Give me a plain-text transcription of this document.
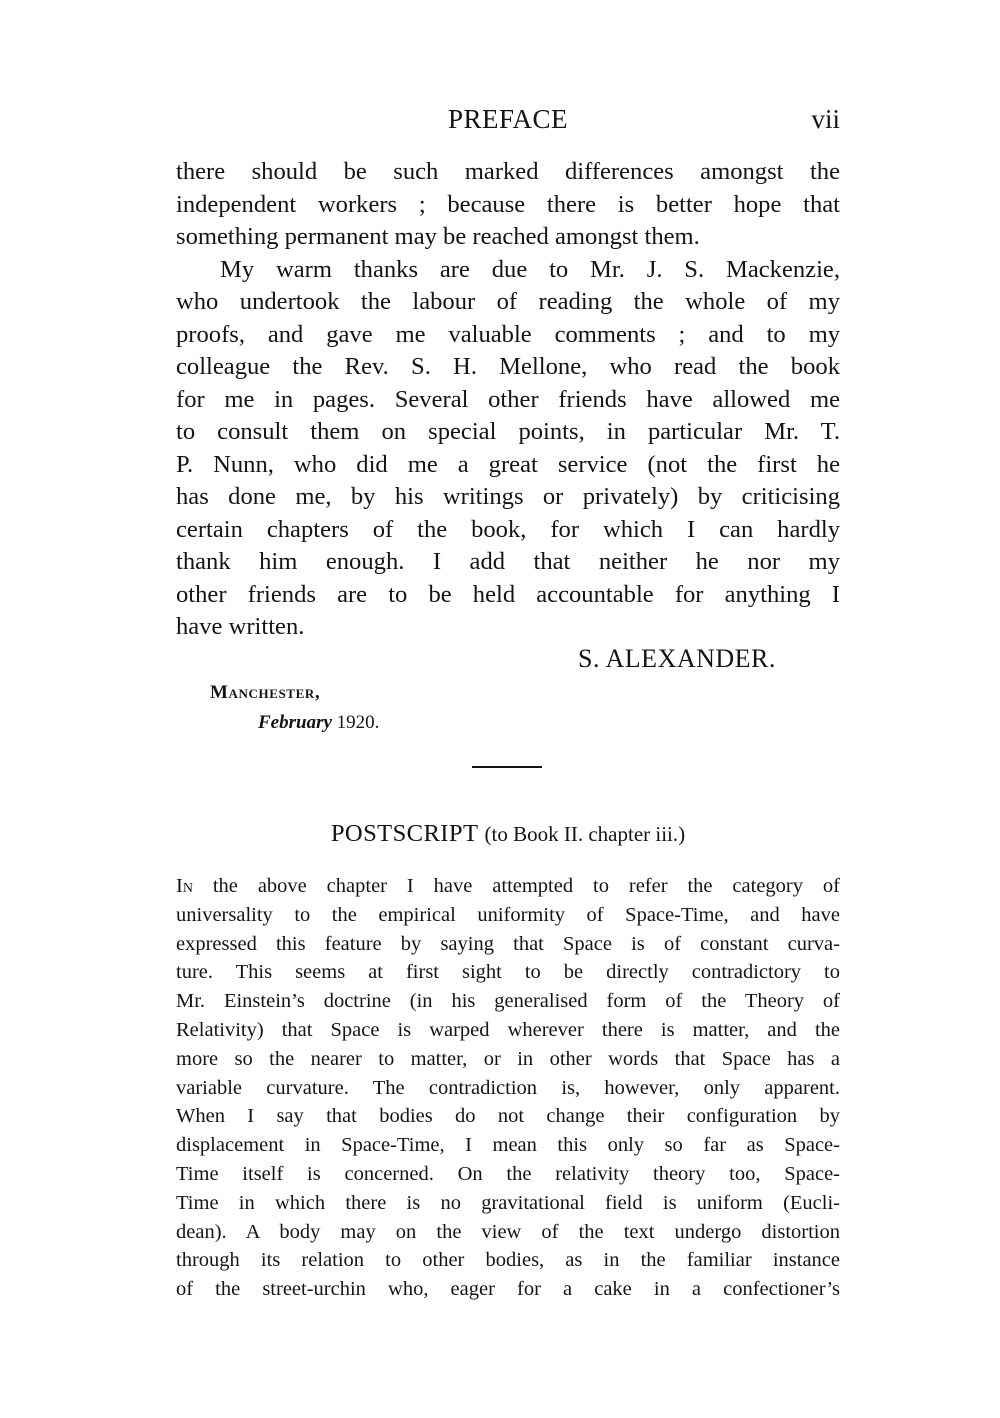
PREFACE	vii
there should be such marked differences amongst the
independent workers ; because there is better hope that
something permanent may be reached amongst them.
My warm thanks are due to Mr. J. S. Mackenzie,
who undertook the labour of reading the whole of my
proofs, and gave me valuable comments ; and to my
colleague the Rev. S. H. Mellone, who read the book
for me in pages. Several other friends have allowed me
to consult them on special points, in particular Mr. T.
P. Nunn, who did me a great service (not the first he
has done me, by his writings or privately) by criticising
certain chapters of the book, for which I can hardly
thank him enough. I add that neither he nor my
other friends are to be held accountable for anything I
have written.
S. ALEXANDER.
Manchester,
February 1920.
POSTSCRIPT (to Book II. chapter iii.)
In the above chapter I have attempted to refer the category of
universality to the empirical uniformity of Space-Time, and have
expressed this feature by saying that Space is of constant curva-
ture. This seems at first sight to be directly contradictory to
Mr. Einstein’s doctrine (in his generalised form of the Theory of
Relativity) that Space is warped wherever there is matter, and the
more so the nearer to matter, or in other words that Space has a
variable curvature. The contradiction is, however, only apparent.
When I say that bodies do not change their configuration by
displacement in Space-Time, I mean this only so far as Space-
Time itself is concerned. On the relativity theory too, Space-
Time in which there is no gravitational field is uniform (Eucli-
dean). A body may on the view of the text undergo distortion
through its relation to other bodies, as in the familiar instance
of the street-urchin who, eager for a cake in a confectioner’s
